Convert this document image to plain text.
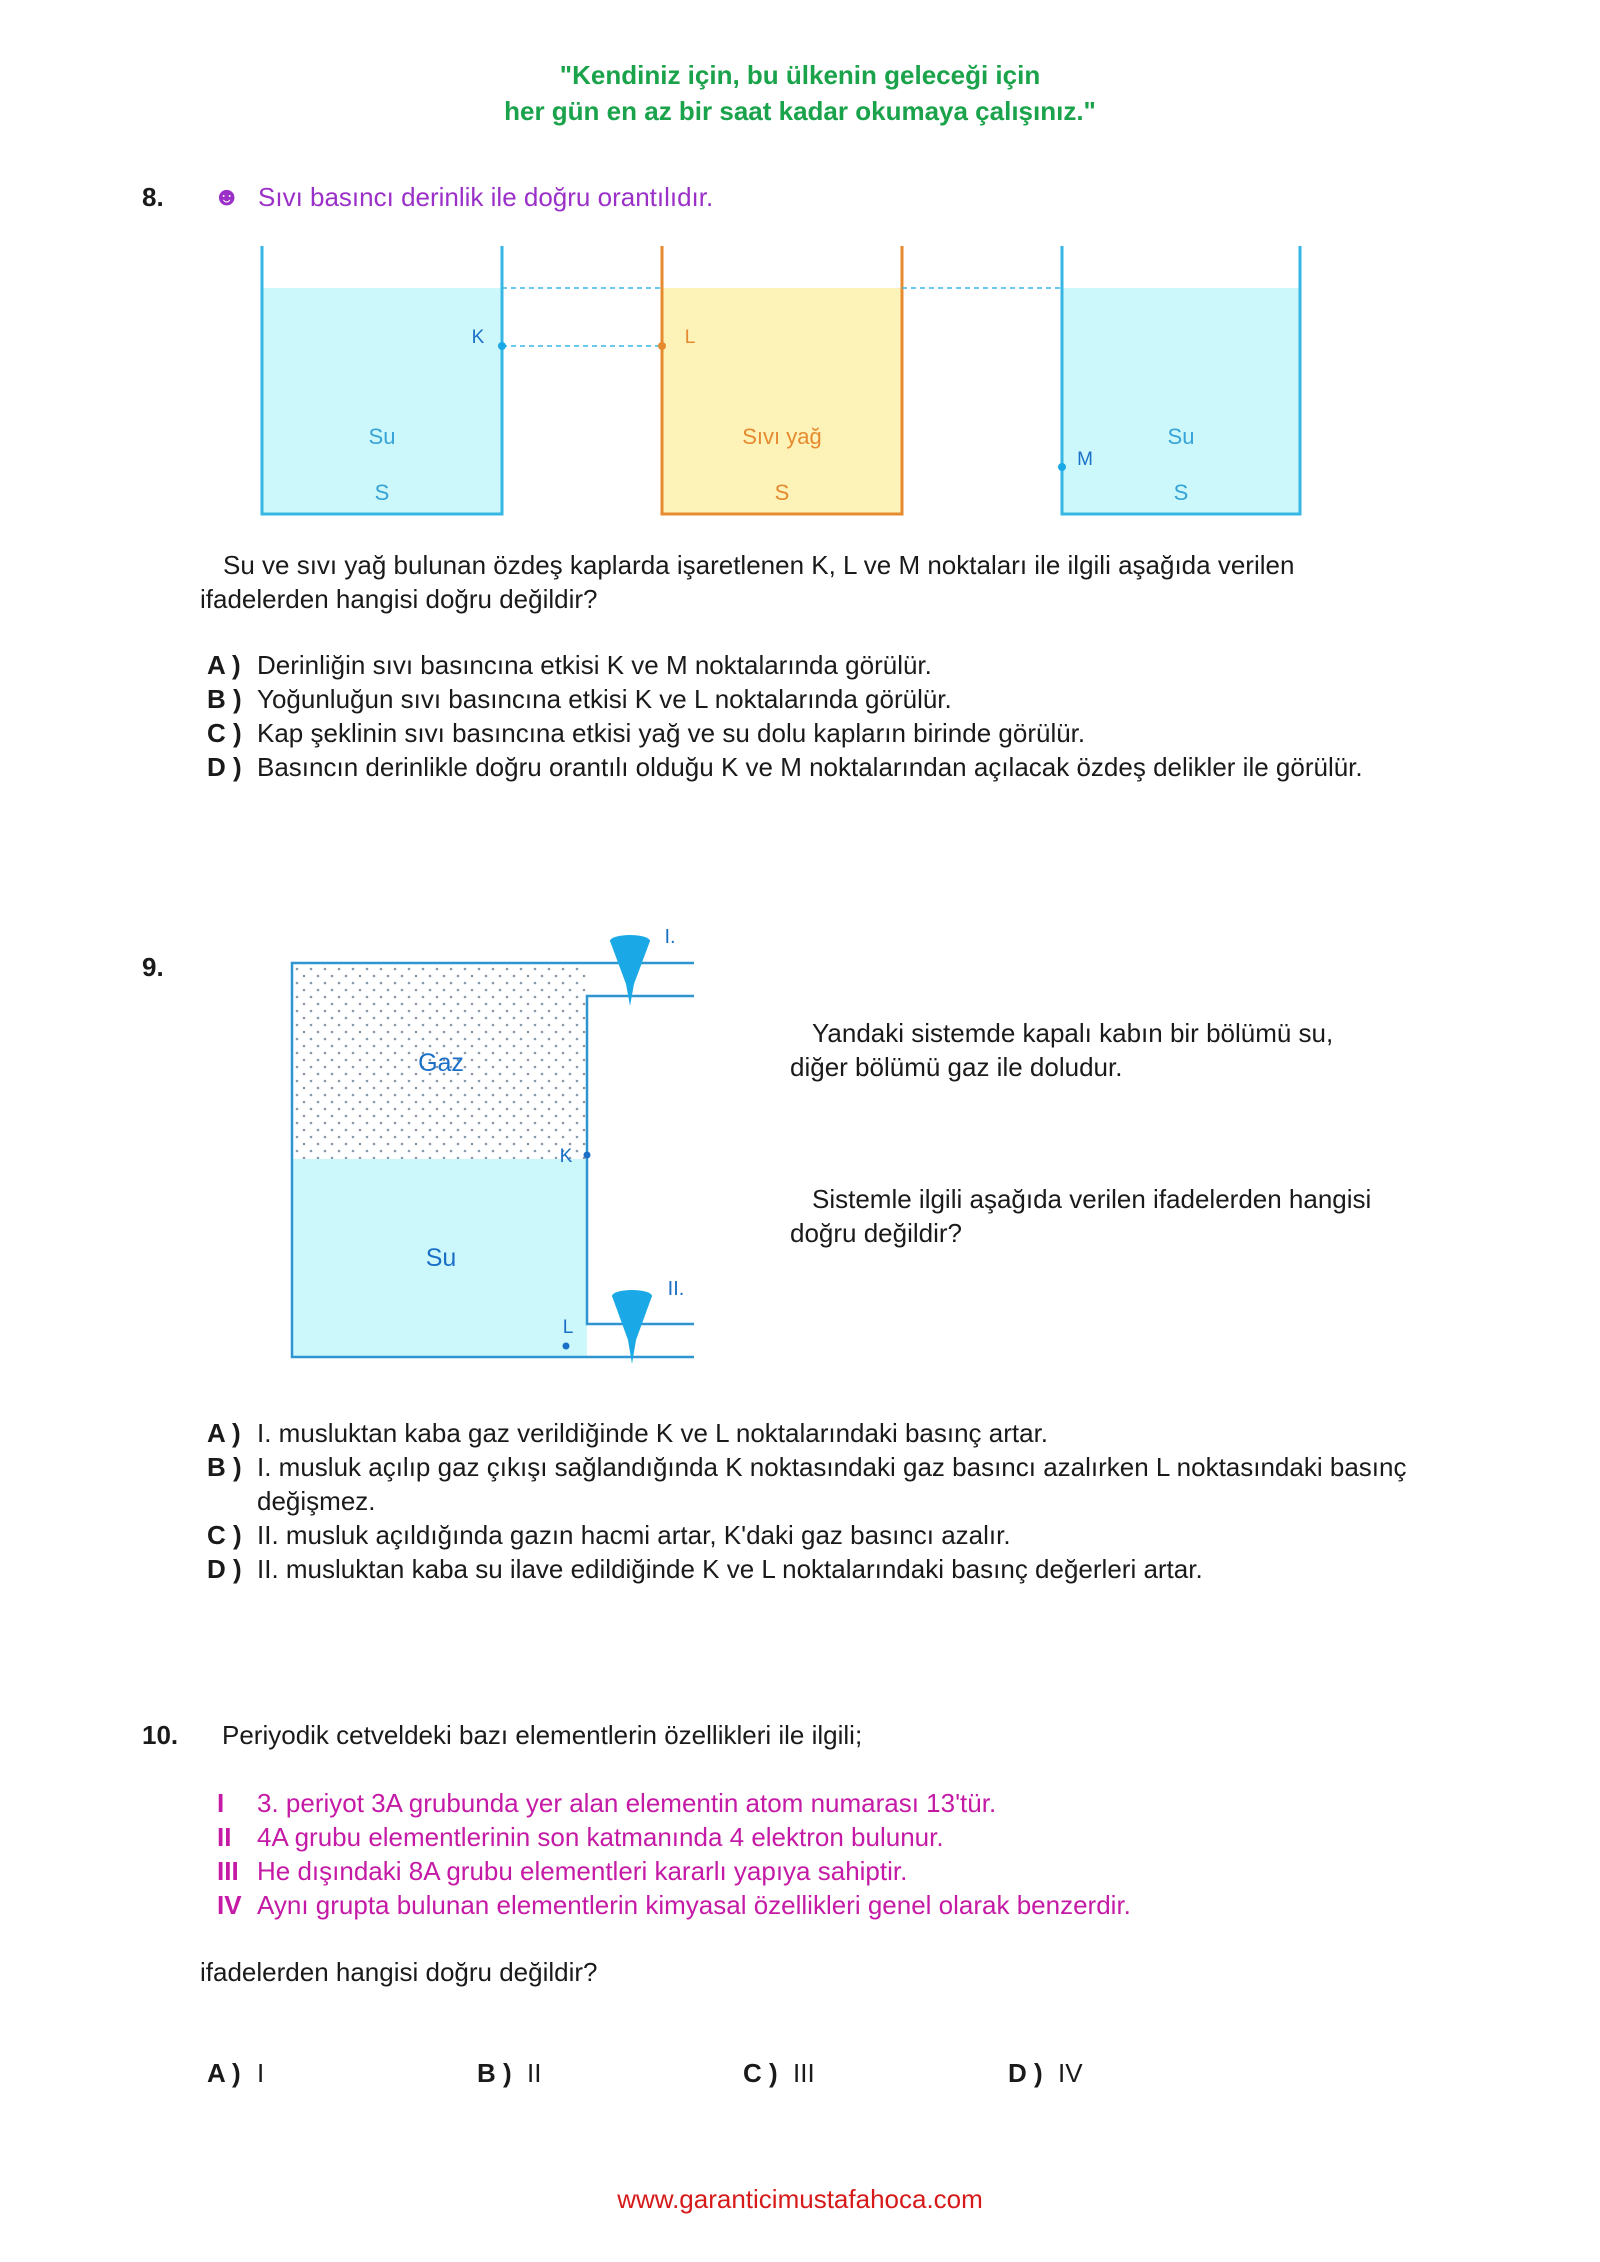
"Kendiniz için, bu ülkenin geleceği için
her gün en az bir saat kadar okumaya çalışınız."
8. ☻ Sıvı basıncı derinlik ile doğru orantılıdır.
K	L
M
Su
S
Sıvı yağ
S
Su
S
Su ve sıvı yağ bulunan özdeş kaplarda işaretlenen K, L ve M noktaları ile ilgili aşağıda verilen
ifadelerden hangisi doğru değildir?
A ) Derinliğin sıvı basıncına etkisi K ve M noktalarında görülür.
B ) Yoğunluğun sıvı basıncına etkisi K ve L noktalarında görülür.
C ) Kap şeklinin sıvı basıncına etkisi yağ ve su dolu kapların birinde görülür.
D ) Basıncın derinlikle doğru orantılı olduğu K ve M noktalarından açılacak özdeş delikler ile görülür.
9.
I.
II.
K
L
Gaz
Su
Yandaki sistemde kapalı kabın bir bölümü su,
diğer bölümü gaz ile doludur.
Sistemle ilgili aşağıda verilen ifadelerden hangisi
doğru değildir?
A ) I. musluktan kaba gaz verildiğinde K ve L noktalarındaki basınç artar.
B ) I. musluk açılıp gaz çıkışı sağlandığında K noktasındaki gaz basıncı azalırken L noktasındaki basınç değişmez.
C ) II. musluk açıldığında gazın hacmi artar, K'daki gaz basıncı azalır.
D ) II. musluktan kaba su ilave edildiğinde K ve L noktalarındaki basınç değerleri artar.
10. Periyodik cetveldeki bazı elementlerin özellikleri ile ilgili;
I 3. periyot 3A grubunda yer alan elementin atom numarası 13'tür.
II 4A grubu elementlerinin son katmanında 4 elektron bulunur.
III He dışındaki 8A grubu elementleri kararlı yapıya sahiptir.
IV Aynı grupta bulunan elementlerin kimyasal özellikleri genel olarak benzerdir.
ifadelerden hangisi doğru değildir?
A ) I	B ) II	C ) III	D ) IV
www.garanticimustafahoca.com
